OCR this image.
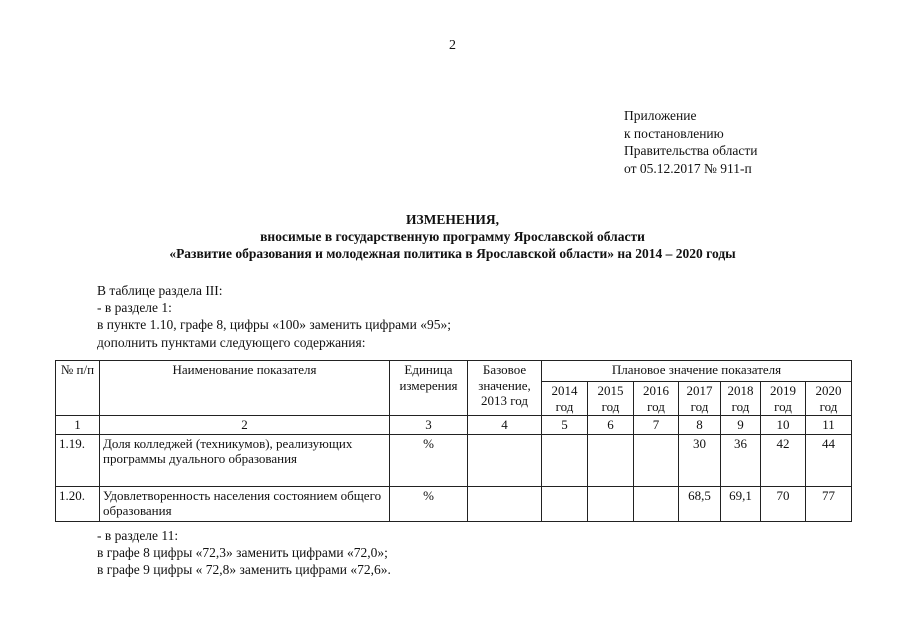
2
Приложение
к постановлению
Правительства области
от 05.12.2017 № 911-п
ИЗМЕНЕНИЯ,
вносимые в государственную программу Ярославской области
«Развитие образования и молодежная политика в Ярославской области» на 2014 – 2020 годы
В таблице раздела III:
- в разделе 1:
в пункте 1.10, графе 8, цифры «100» заменить цифрами «95»;
дополнить пунктами следующего содержания:
№ п/п	Наименование показателя	Единица измерения	Базовое значение, 2013 год	Плановое значение показателя						
				2014 год	2015 год	2016 год	2017 год	2018 год	2019 год	2020 год
1	2	3	4	5	6	7	8	9	10	11
1.19.	Доля колледжей (техникумов), реализующих программы дуального образования	%					30	36	42	44
1.20.	Удовлетворенность населения состоянием общего образования	%					68,5	69,1	70	77
- в разделе 11:
в графе 8 цифры «72,3» заменить цифрами «72,0»;
в графе 9 цифры « 72,8» заменить цифрами «72,6».
